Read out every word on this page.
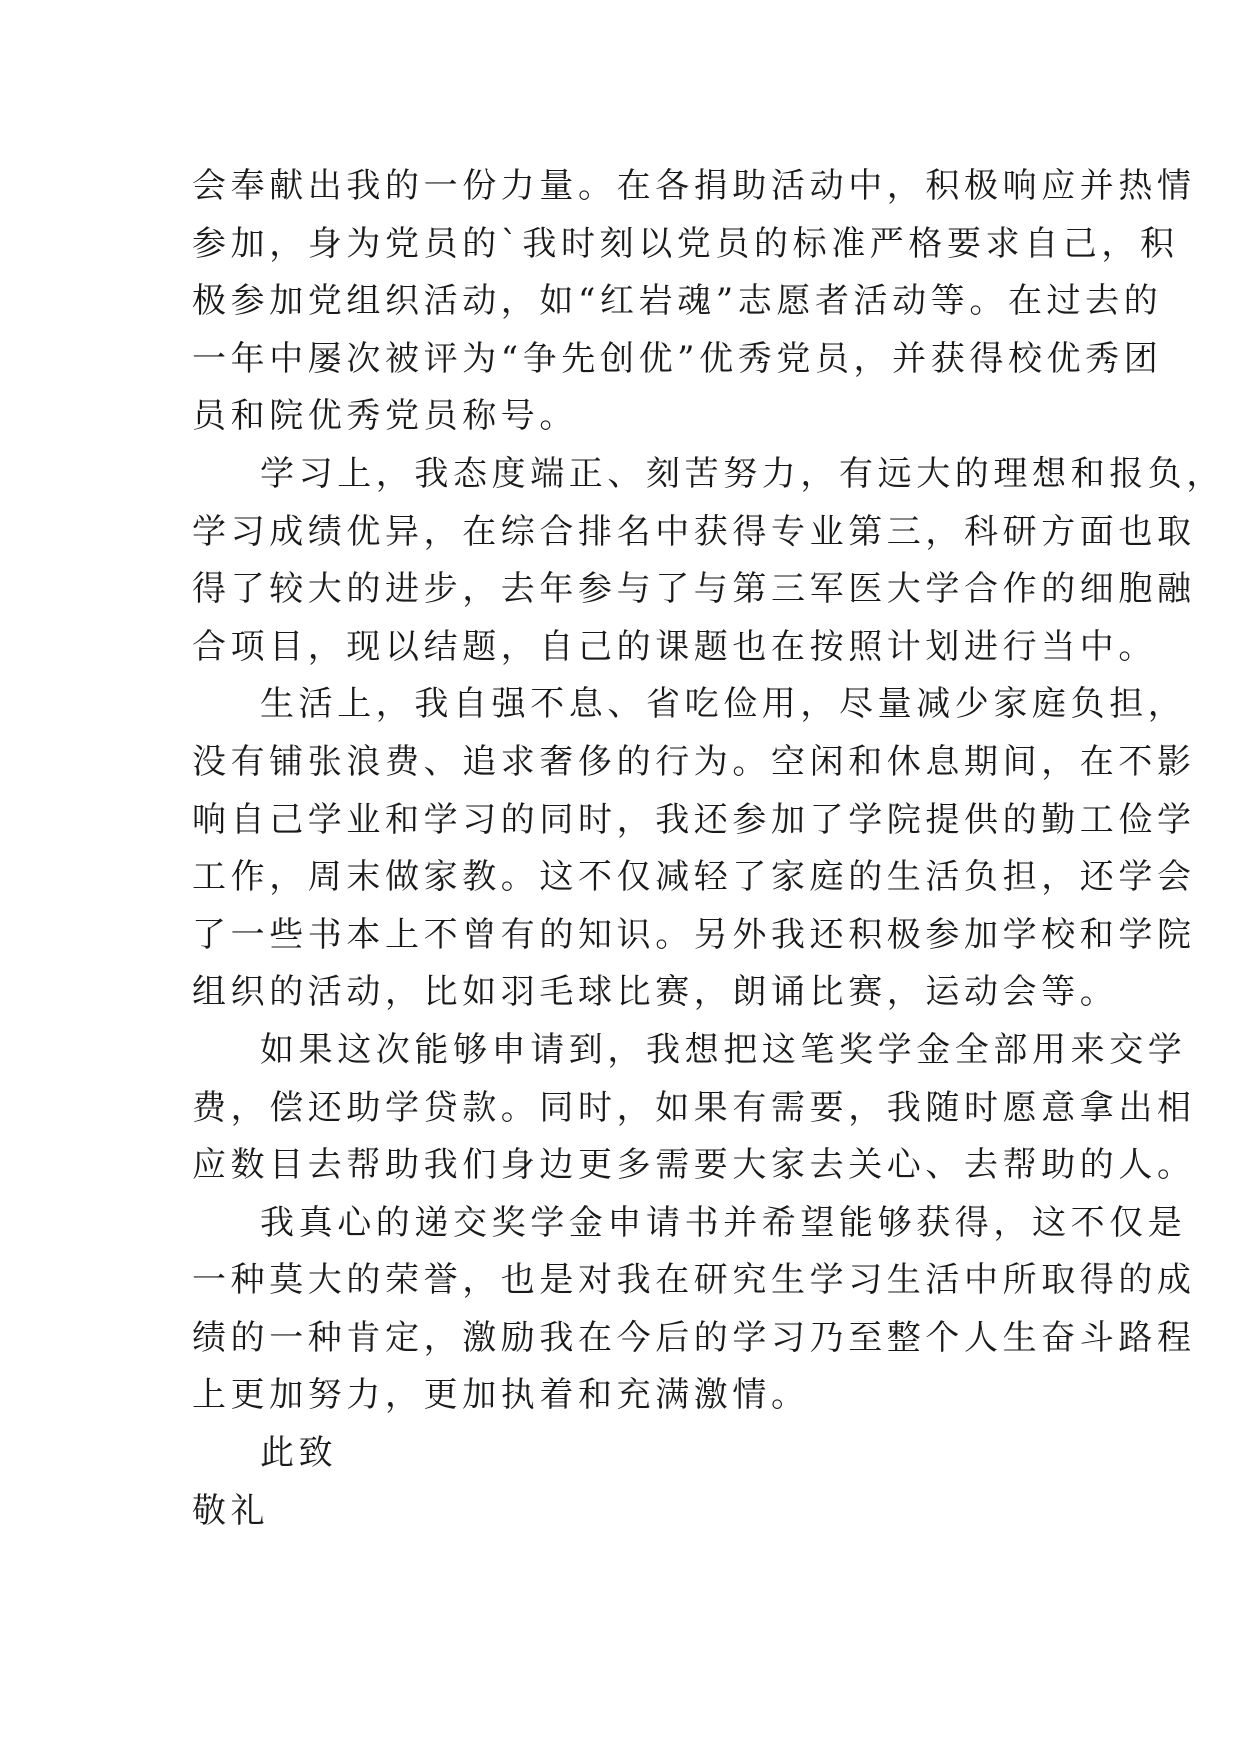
会奉献出我的一份力量。在各捐助活动中，积极响应并热情
参加，身为党员的`我时刻以党员的标准严格要求自己，积
极参加党组织活动，如“红岩魂”志愿者活动等。在过去的
一年中屡次被评为“争先创优”优秀党员，并获得校优秀团
员和院优秀党员称号。
学习上，我态度端正、刻苦努力，有远大的理想和报负，
学习成绩优异，在综合排名中获得专业第三，科研方面也取
得了较大的进步，去年参与了与第三军医大学合作的细胞融
合项目，现以结题，自己的课题也在按照计划进行当中。
生活上，我自强不息、省吃俭用，尽量减少家庭负担，
没有铺张浪费、追求奢侈的行为。空闲和休息期间，在不影
响自己学业和学习的同时，我还参加了学院提供的勤工俭学
工作，周末做家教。这不仅减轻了家庭的生活负担，还学会
了一些书本上不曾有的知识。另外我还积极参加学校和学院
组织的活动，比如羽毛球比赛，朗诵比赛，运动会等。
如果这次能够申请到，我想把这笔奖学金全部用来交学
费，偿还助学贷款。同时，如果有需要，我随时愿意拿出相
应数目去帮助我们身边更多需要大家去关心、去帮助的人。
我真心的递交奖学金申请书并希望能够获得，这不仅是
一种莫大的荣誉，也是对我在研究生学习生活中所取得的成
绩的一种肯定，激励我在今后的学习乃至整个人生奋斗路程
上更加努力，更加执着和充满激情。
此致
敬礼
